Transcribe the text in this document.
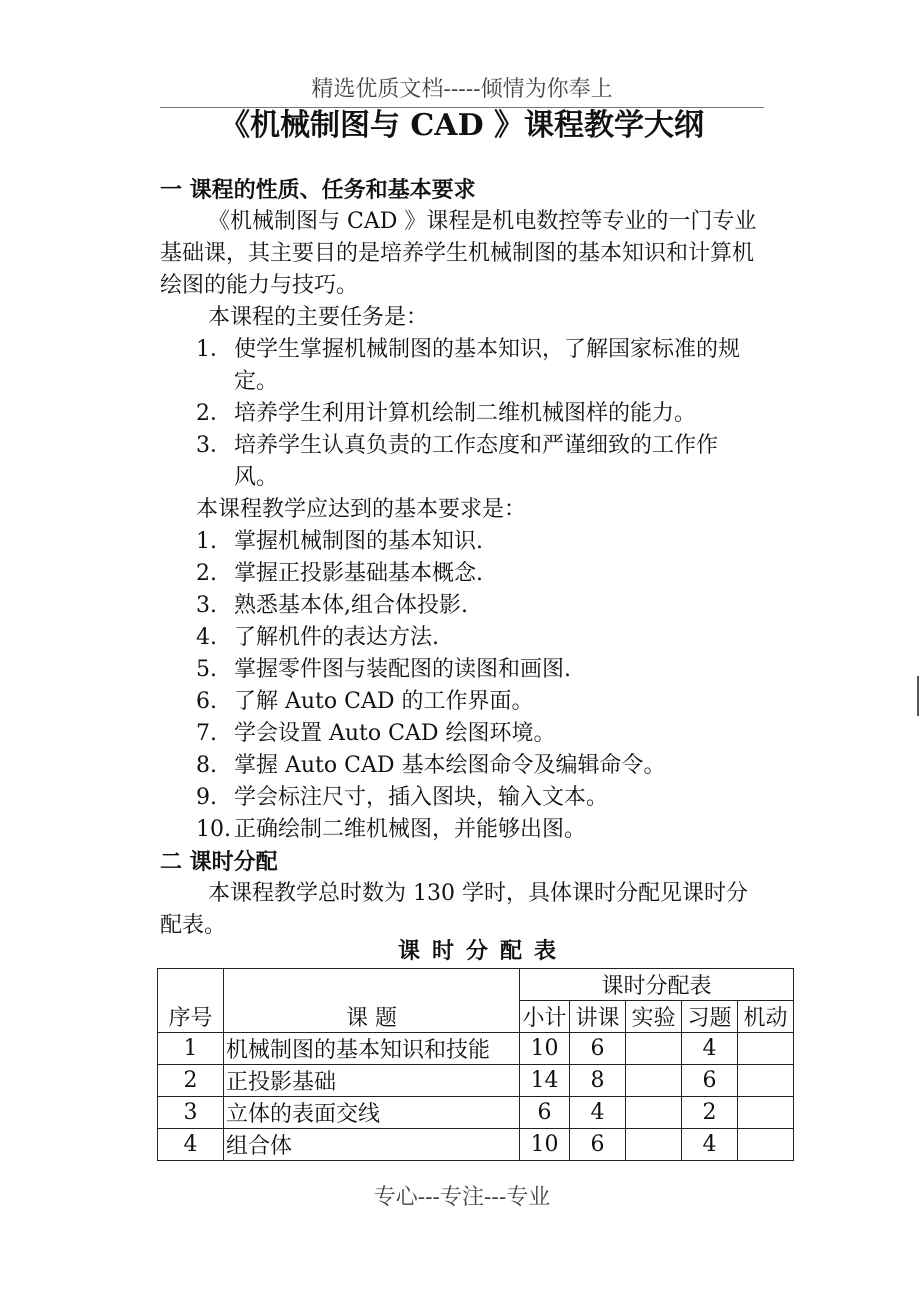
精选优质文档-----倾情为你奉上
《机械制图与 CAD 》课程教学大纲
一 课程的性质、任务和基本要求
《机械制图与 CAD 》课程是机电数控等专业的一门专业基础课，其主要目的是培养学生机械制图的基本知识和计算机绘图的能力与技巧。
本课程的主要任务是：
1． 使学生掌握机械制图的基本知识，了解国家标准的规定。
2． 培养学生利用计算机绘制二维机械图样的能力。
3． 培养学生认真负责的工作态度和严谨细致的工作作风。
本课程教学应达到的基本要求是：
1. 掌握机械制图的基本知识.
2. 掌握正投影基础基本概念.
3. 熟悉基本体,组合体投影.
4. 了解机件的表达方法.
5. 掌握零件图与装配图的读图和画图.
6. 了解 Auto CAD 的工作界面。
7. 学会设置 Auto CAD 绘图环境。
8. 掌握 Auto CAD 基本绘图命令及编辑命令。
9. 学会标注尺寸，插入图块，输入文本。
10. 正确绘制二维机械图，并能够出图。
二 课时分配
本课程教学总时数为 130 学时，具体课时分配见课时分配表。
课时分配表
序号	课 题	课时分配表				
		小计	讲课	实验	习题	机动
1	机械制图的基本知识和技能	10	6		4	
2	正投影基础	14	8		6	
3	立体的表面交线	6	4		2	
4	组合体	10	6		4	
专心---专注---专业
